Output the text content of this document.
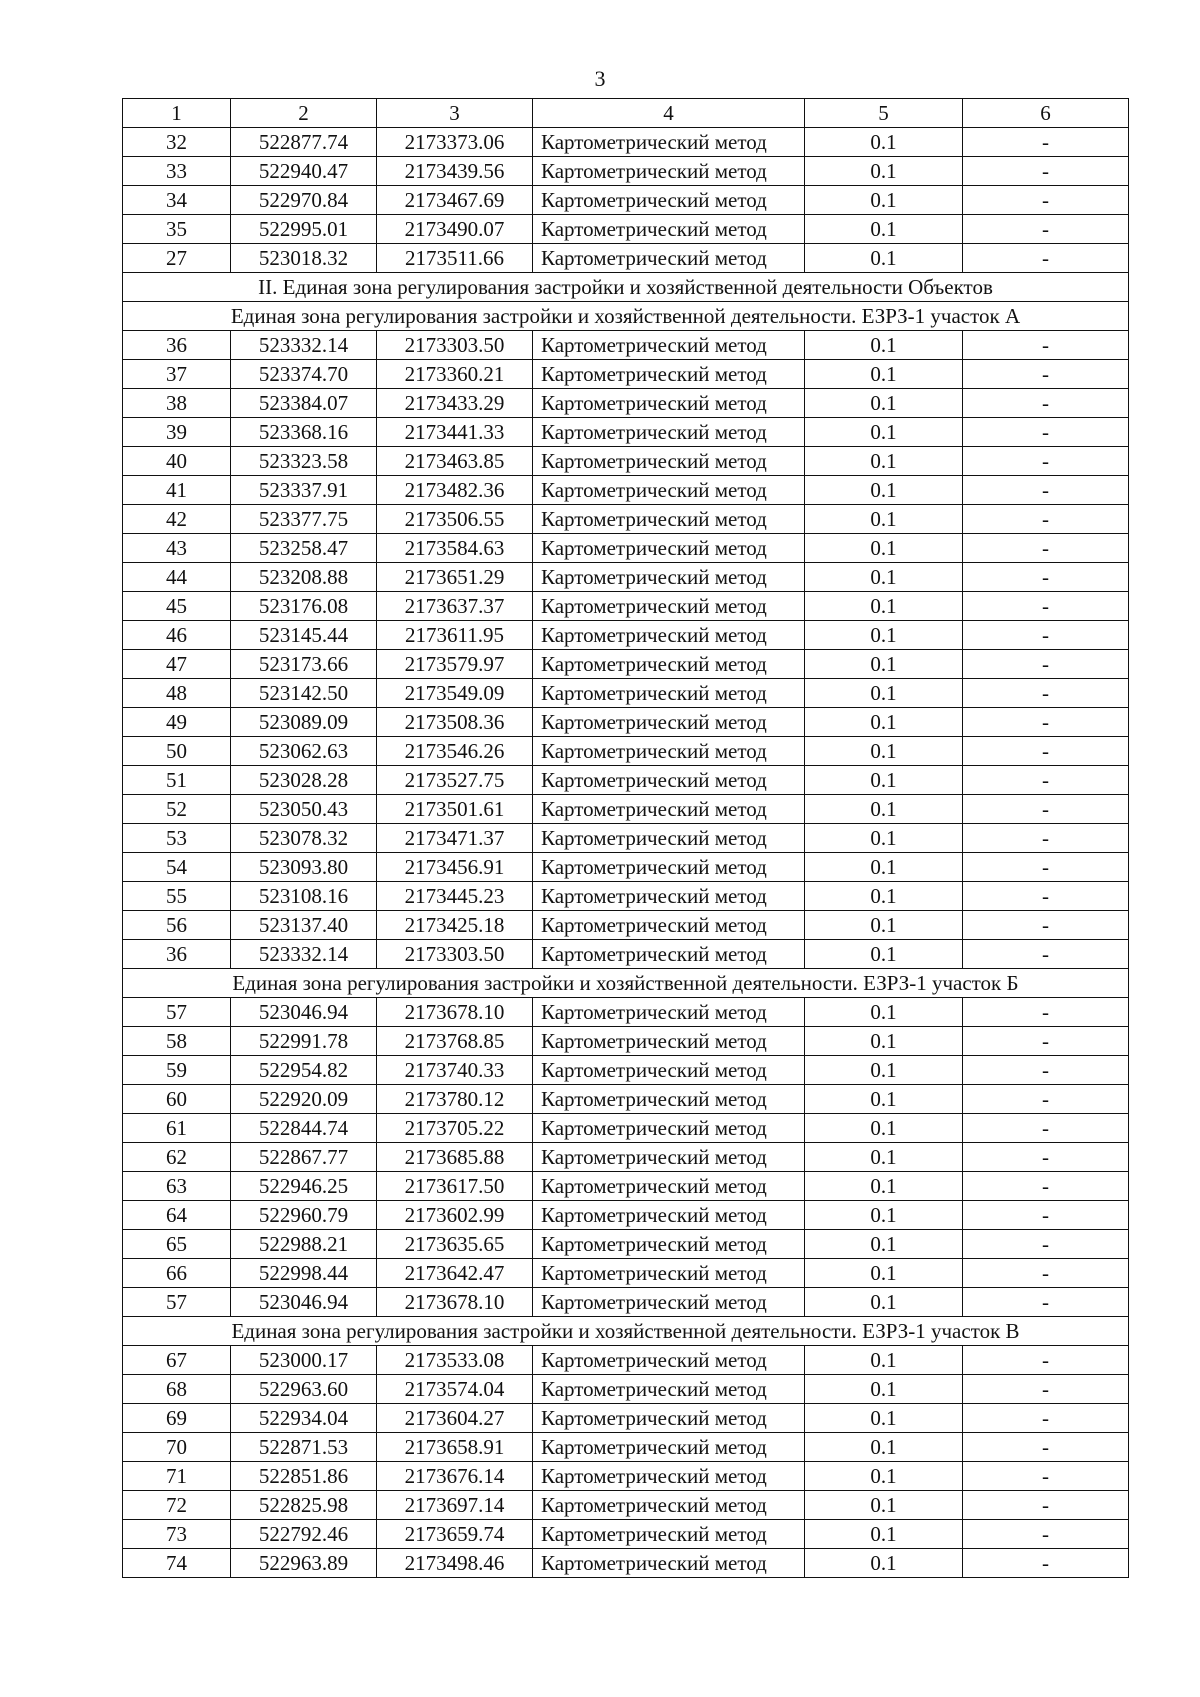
3
1	2	3	4	5	6
32	522877.74	2173373.06	Картометрический метод	0.1	-
33	522940.47	2173439.56	Картометрический метод	0.1	-
34	522970.84	2173467.69	Картометрический метод	0.1	-
35	522995.01	2173490.07	Картометрический метод	0.1	-
27	523018.32	2173511.66	Картометрический метод	0.1	-
II. Единая зона регулирования застройки и хозяйственной деятельности Объектов					
Единая зона регулирования застройки и хозяйственной деятельности. ЕЗРЗ-1 участок А					
36	523332.14	2173303.50	Картометрический метод	0.1	-
37	523374.70	2173360.21	Картометрический метод	0.1	-
38	523384.07	2173433.29	Картометрический метод	0.1	-
39	523368.16	2173441.33	Картометрический метод	0.1	-
40	523323.58	2173463.85	Картометрический метод	0.1	-
41	523337.91	2173482.36	Картометрический метод	0.1	-
42	523377.75	2173506.55	Картометрический метод	0.1	-
43	523258.47	2173584.63	Картометрический метод	0.1	-
44	523208.88	2173651.29	Картометрический метод	0.1	-
45	523176.08	2173637.37	Картометрический метод	0.1	-
46	523145.44	2173611.95	Картометрический метод	0.1	-
47	523173.66	2173579.97	Картометрический метод	0.1	-
48	523142.50	2173549.09	Картометрический метод	0.1	-
49	523089.09	2173508.36	Картометрический метод	0.1	-
50	523062.63	2173546.26	Картометрический метод	0.1	-
51	523028.28	2173527.75	Картометрический метод	0.1	-
52	523050.43	2173501.61	Картометрический метод	0.1	-
53	523078.32	2173471.37	Картометрический метод	0.1	-
54	523093.80	2173456.91	Картометрический метод	0.1	-
55	523108.16	2173445.23	Картометрический метод	0.1	-
56	523137.40	2173425.18	Картометрический метод	0.1	-
36	523332.14	2173303.50	Картометрический метод	0.1	-
Единая зона регулирования застройки и хозяйственной деятельности. ЕЗРЗ-1 участок Б					
57	523046.94	2173678.10	Картометрический метод	0.1	-
58	522991.78	2173768.85	Картометрический метод	0.1	-
59	522954.82	2173740.33	Картометрический метод	0.1	-
60	522920.09	2173780.12	Картометрический метод	0.1	-
61	522844.74	2173705.22	Картометрический метод	0.1	-
62	522867.77	2173685.88	Картометрический метод	0.1	-
63	522946.25	2173617.50	Картометрический метод	0.1	-
64	522960.79	2173602.99	Картометрический метод	0.1	-
65	522988.21	2173635.65	Картометрический метод	0.1	-
66	522998.44	2173642.47	Картометрический метод	0.1	-
57	523046.94	2173678.10	Картометрический метод	0.1	-
Единая зона регулирования застройки и хозяйственной деятельности. ЕЗРЗ-1 участок В					
67	523000.17	2173533.08	Картометрический метод	0.1	-
68	522963.60	2173574.04	Картометрический метод	0.1	-
69	522934.04	2173604.27	Картометрический метод	0.1	-
70	522871.53	2173658.91	Картометрический метод	0.1	-
71	522851.86	2173676.14	Картометрический метод	0.1	-
72	522825.98	2173697.14	Картометрический метод	0.1	-
73	522792.46	2173659.74	Картометрический метод	0.1	-
74	522963.89	2173498.46	Картометрический метод	0.1	-
